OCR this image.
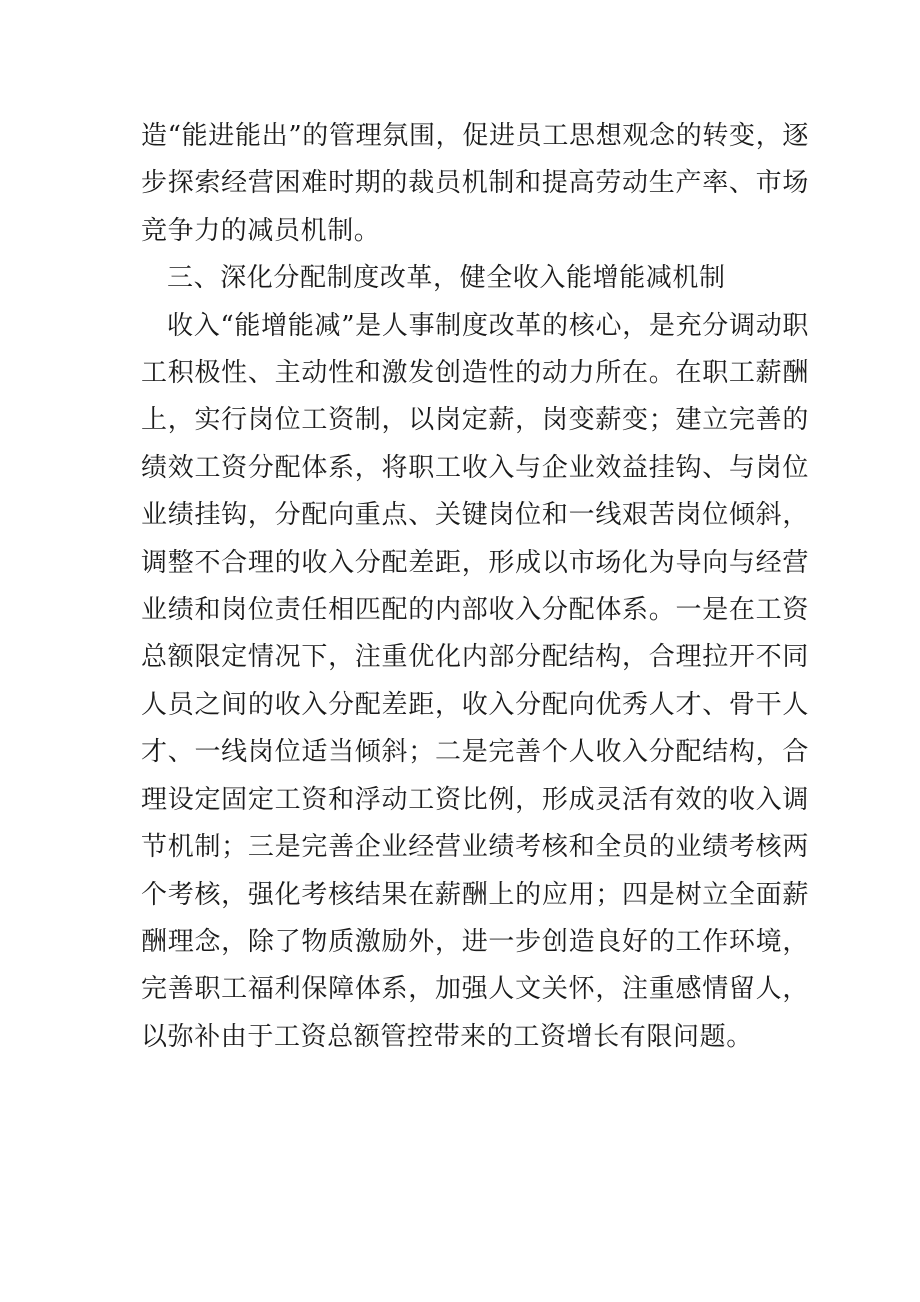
造“能进能出”的管理氛围，促进员工思想观念的转变，逐步探索经营困难时期的裁员机制和提高劳动生产率、市场竞争力的减员机制。

三、深化分配制度改革，健全收入能增能减机制

收入“能增能减”是人事制度改革的核心，是充分调动职工积极性、主动性和激发创造性的动力所在。在职工薪酬上，实行岗位工资制，以岗定薪，岗变薪变；建立完善的绩效工资分配体系，将职工收入与企业效益挂钩、与岗位业绩挂钩，分配向重点、关键岗位和一线艰苦岗位倾斜，调整不合理的收入分配差距，形成以市场化为导向与经营业绩和岗位责任相匹配的内部收入分配体系。一是在工资总额限定情况下，注重优化内部分配结构，合理拉开不同人员之间的收入分配差距，收入分配向优秀人才、骨干人才、一线岗位适当倾斜；二是完善个人收入分配结构，合理设定固定工资和浮动工资比例，形成灵活有效的收入调节机制；三是完善企业经营业绩考核和全员的业绩考核两个考核，强化考核结果在薪酬上的应用；四是树立全面薪酬理念，除了物质激励外，进一步创造良好的工作环境，完善职工福利保障体系，加强人文关怀，注重感情留人，以弥补由于工资总额管控带来的工资增长有限问题。
